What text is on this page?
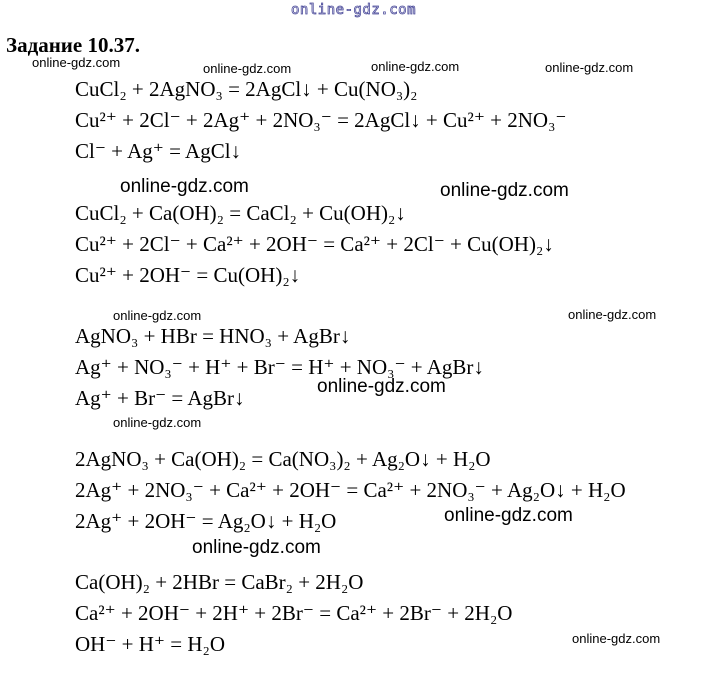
online-gdz.com
online-gdz.com	online-gdz.com	online-gdz.com	online-gdz.com
online-gdz.com	online-gdz.com
online-gdz.com	online-gdz.com
online-gdz.com
online-gdz.com
online-gdz.com
online-gdz.com
online-gdz.com
Задание 10.37.
CuCl₂ + 2AgNO₃ = 2AgCl↓ + Cu(NO₃)₂
Cu²⁺ + 2Cl⁻ + 2Ag⁺ + 2NO₃⁻ = 2AgCl↓ + Cu²⁺ + 2NO₃⁻
Cl⁻ + Ag⁺ = AgCl↓
CuCl₂ + Ca(OH)₂ = CaCl₂ + Cu(OH)₂↓
Cu²⁺ + 2Cl⁻ + Ca²⁺ + 2OH⁻ = Ca²⁺ + 2Cl⁻ + Cu(OH)₂↓
Cu²⁺ + 2OH⁻ = Cu(OH)₂↓
AgNO₃ + HBr = HNO₃ + AgBr↓
Ag⁺ + NO₃⁻ + H⁺ + Br⁻ = H⁺ + NO₃⁻ + AgBr↓
Ag⁺ + Br⁻ = AgBr↓
2AgNO₃ + Ca(OH)₂ = Ca(NO₃)₂ + Ag₂O↓ + H₂O
2Ag⁺ + 2NO₃⁻ + Ca²⁺ + 2OH⁻ = Ca²⁺ + 2NO₃⁻ + Ag₂O↓ + H₂O
2Ag⁺ + 2OH⁻ = Ag₂O↓ + H₂O
Ca(OH)₂ + 2HBr = CaBr₂ + 2H₂O
Ca²⁺ + 2OH⁻ + 2H⁺ + 2Br⁻ = Ca²⁺ + 2Br⁻ + 2H₂O
OH⁻ + H⁺ = H₂O
